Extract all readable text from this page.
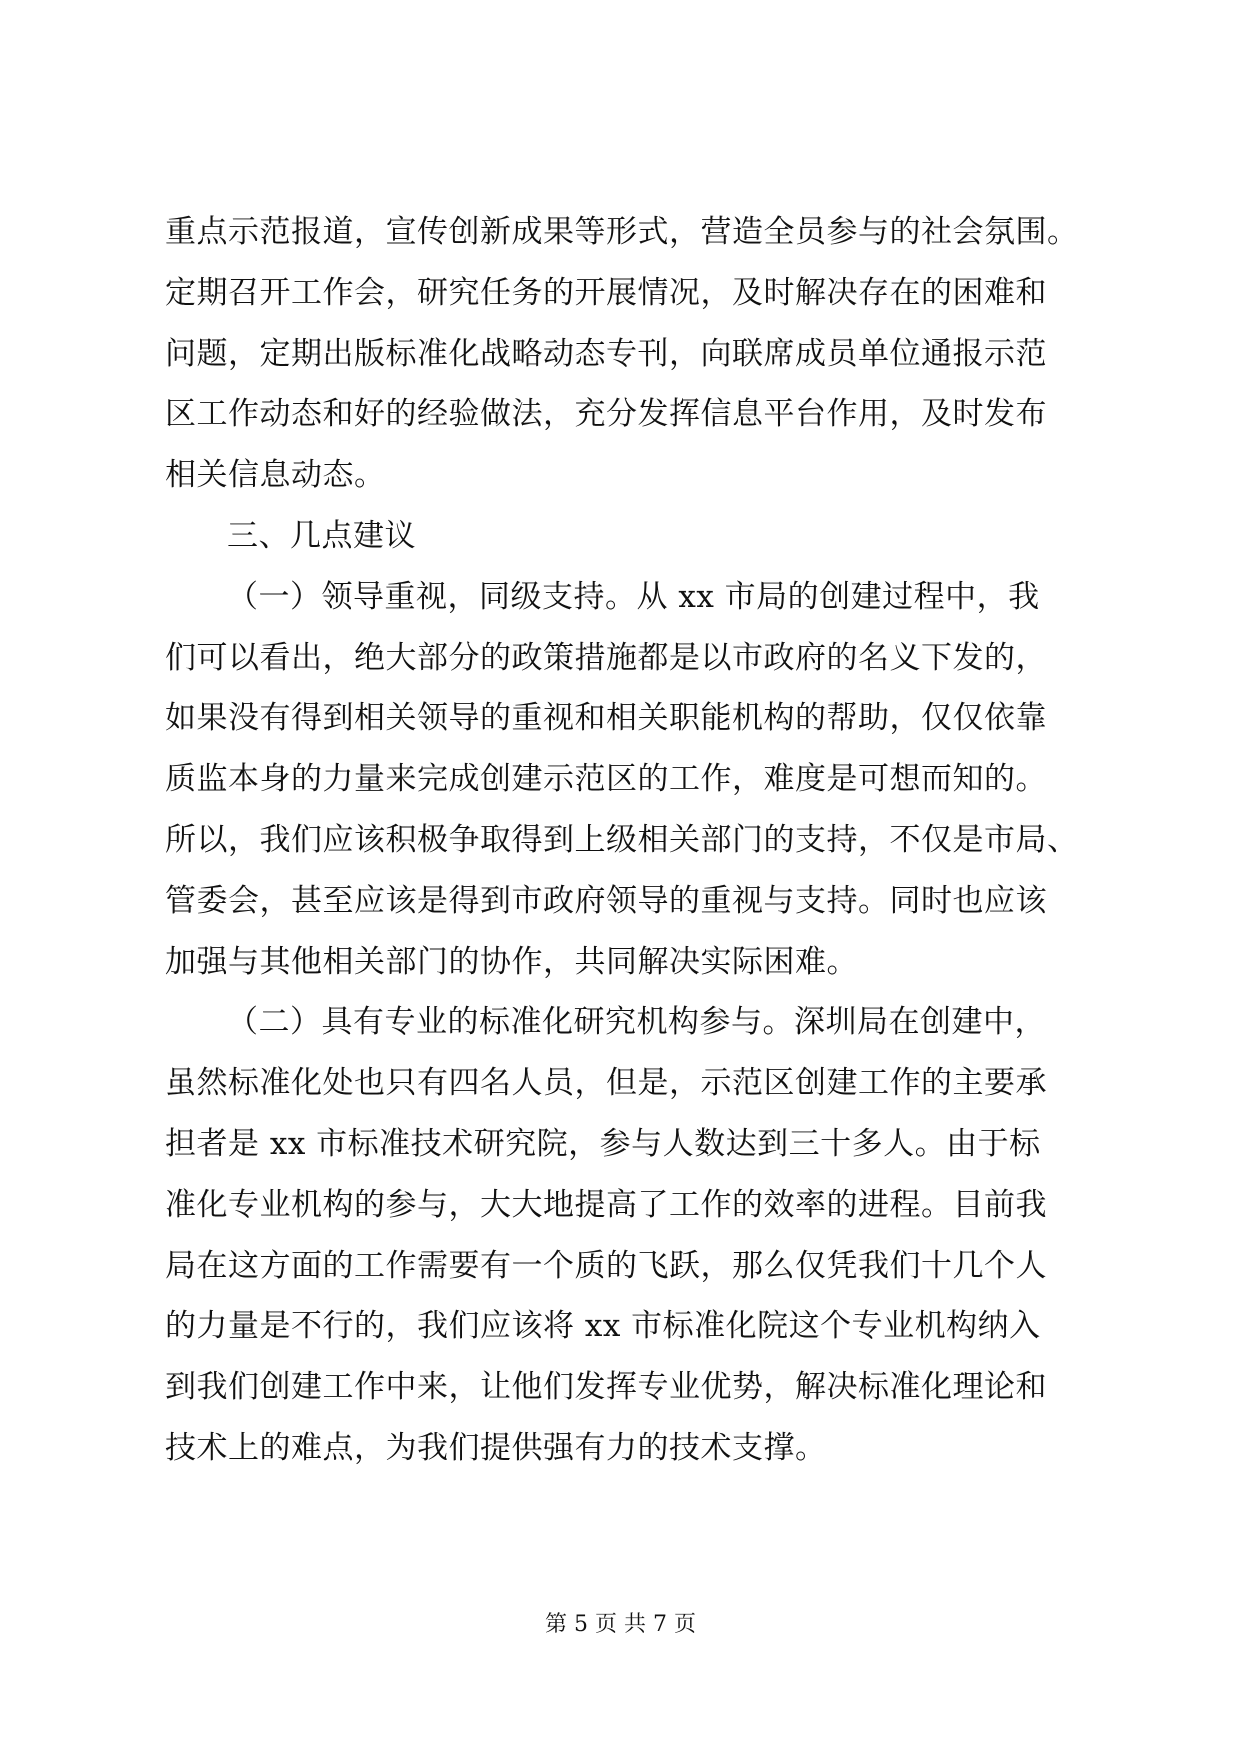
重点示范报道，宣传创新成果等形式，营造全员参与的社会氛围。
定期召开工作会，研究任务的开展情况，及时解决存在的困难和
问题，定期出版标准化战略动态专刊，向联席成员单位通报示范
区工作动态和好的经验做法，充分发挥信息平台作用，及时发布
相关信息动态。
三、几点建议
（一）领导重视，同级支持。从 xx 市局的创建过程中，我
们可以看出，绝大部分的政策措施都是以市政府的名义下发的，
如果没有得到相关领导的重视和相关职能机构的帮助，仅仅依靠
质监本身的力量来完成创建示范区的工作，难度是可想而知的。
所以，我们应该积极争取得到上级相关部门的支持，不仅是市局、
管委会，甚至应该是得到市政府领导的重视与支持。同时也应该
加强与其他相关部门的协作，共同解决实际困难。
（二）具有专业的标准化研究机构参与。深圳局在创建中，
虽然标准化处也只有四名人员，但是，示范区创建工作的主要承
担者是 xx 市标准技术研究院，参与人数达到三十多人。由于标
准化专业机构的参与，大大地提高了工作的效率的进程。目前我
局在这方面的工作需要有一个质的飞跃，那么仅凭我们十几个人
的力量是不行的，我们应该将 xx 市标准化院这个专业机构纳入
到我们创建工作中来，让他们发挥专业优势，解决标准化理论和
技术上的难点，为我们提供强有力的技术支撑。
第 5 页 共 7 页
